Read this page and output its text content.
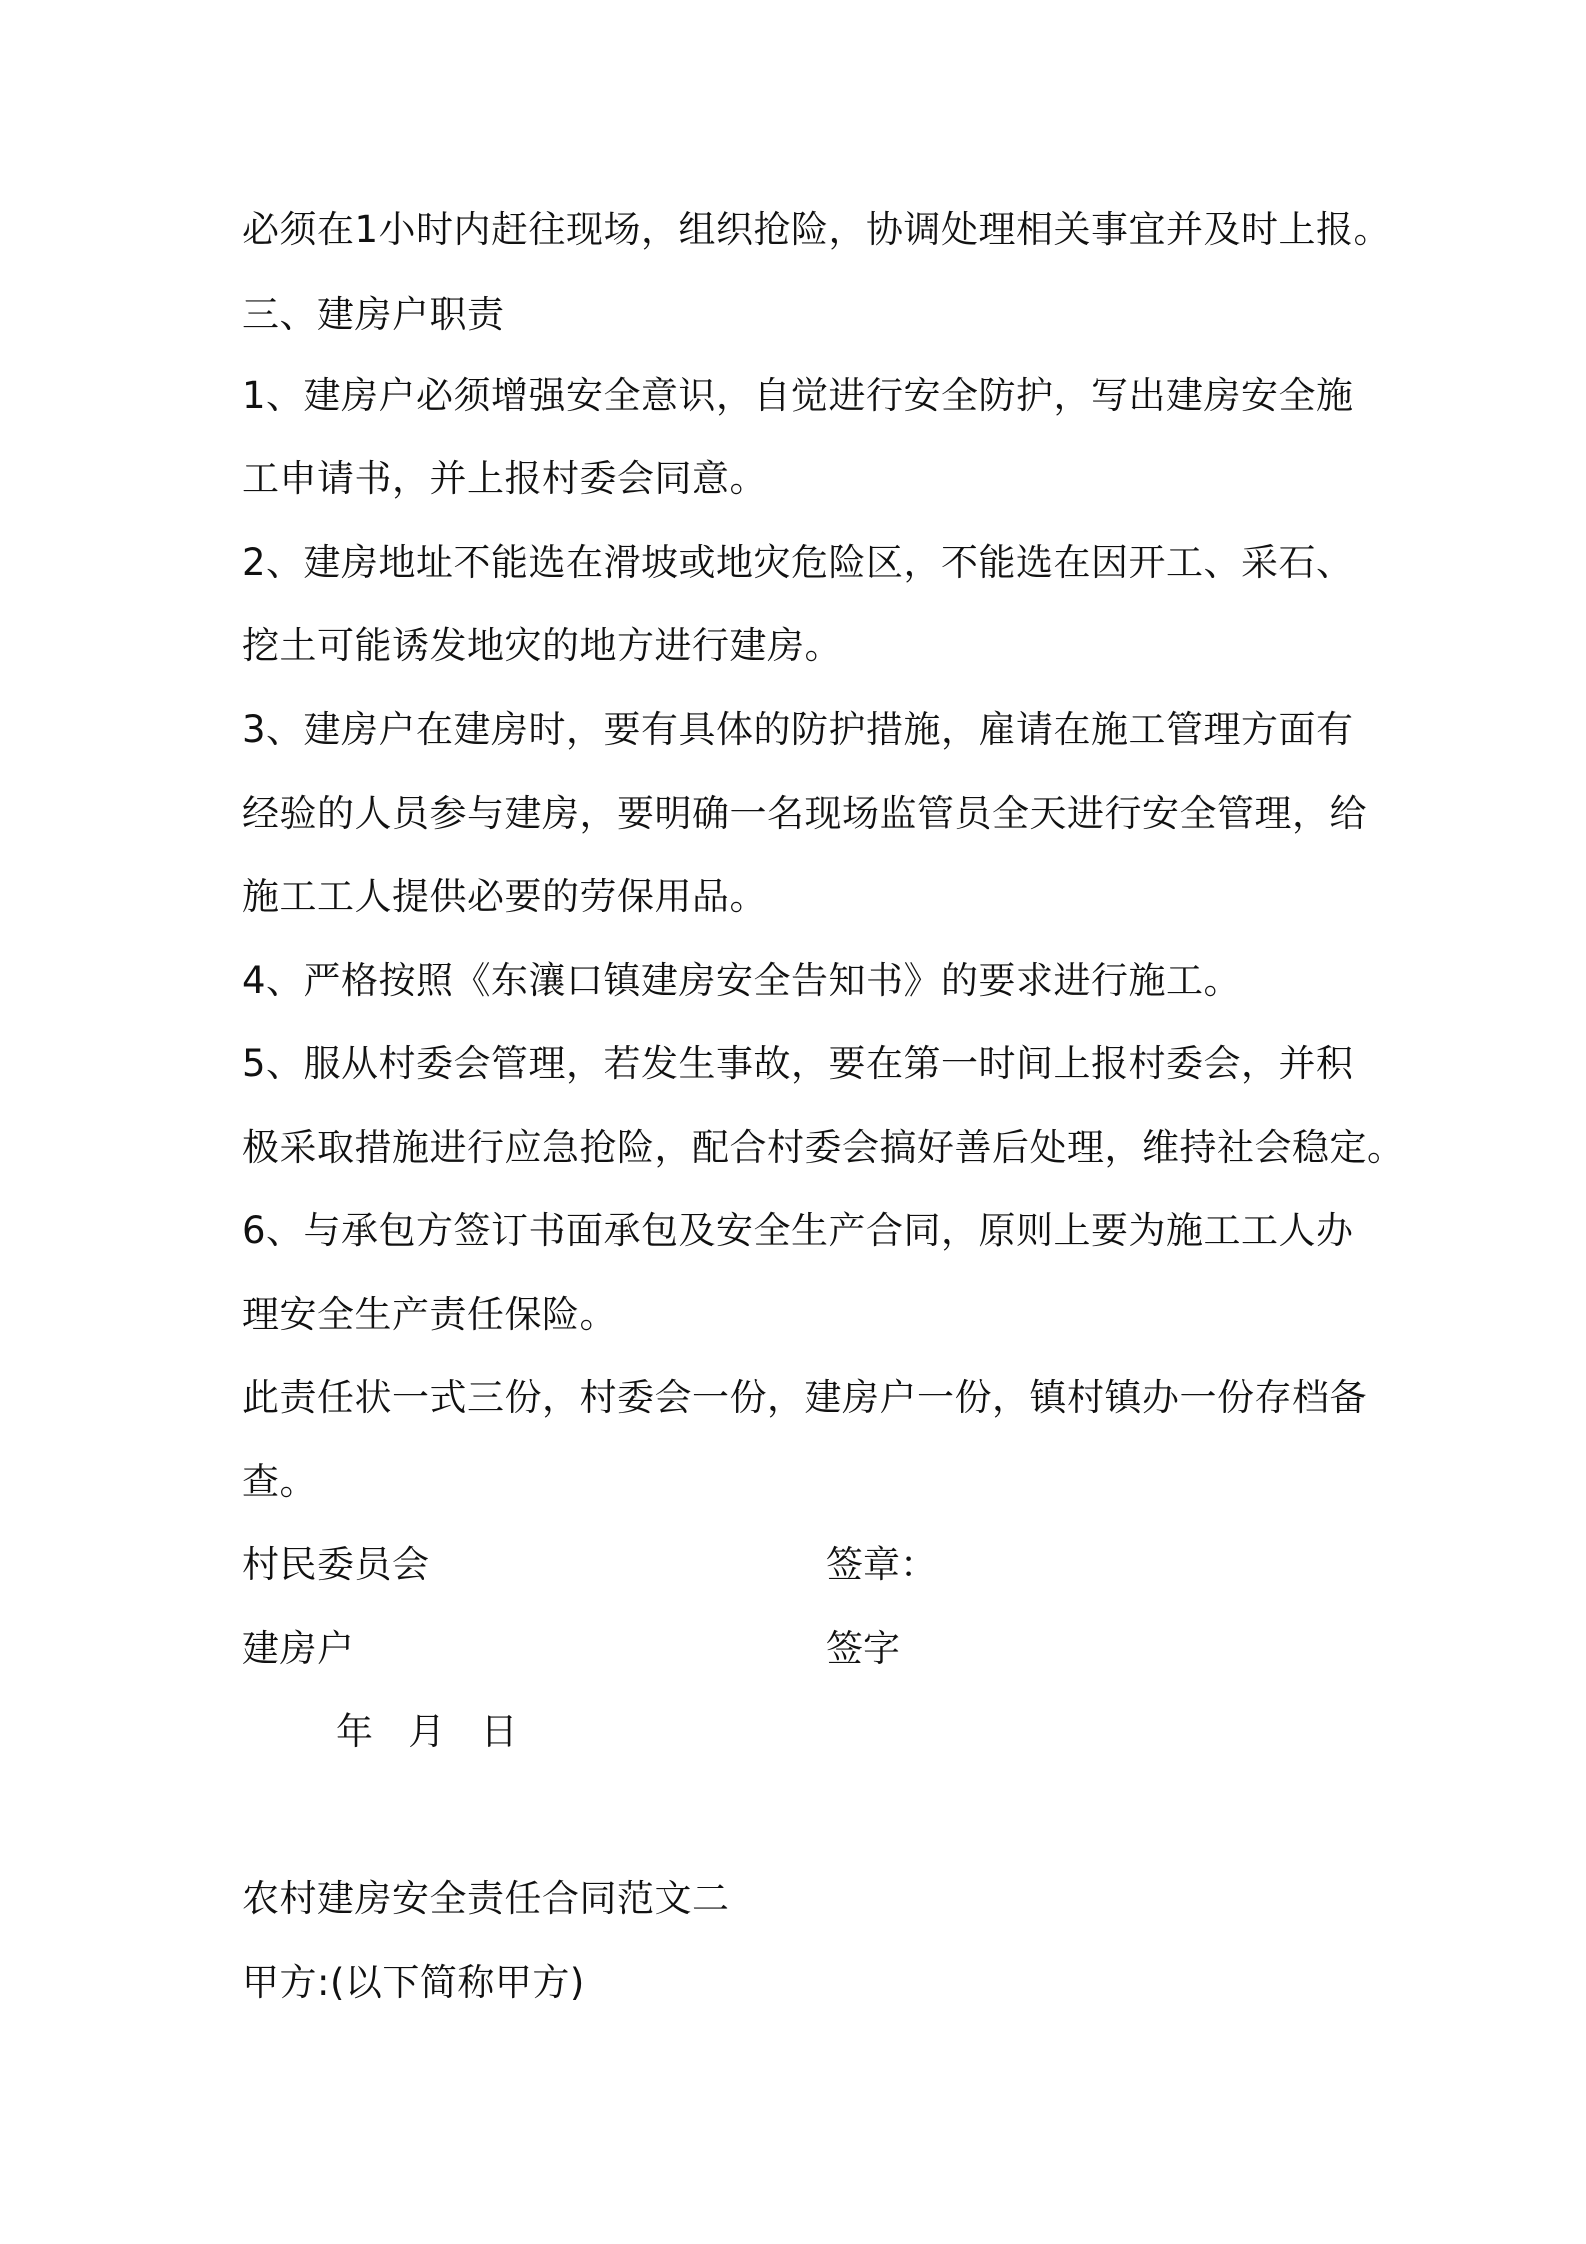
必须在1小时内赶往现场，组织抢险，协调处理相关事宜并及时上报。
三、建房户职责
1、建房户必须增强安全意识，自觉进行安全防护，写出建房安全施
工申请书，并上报村委会同意。
2、建房地址不能选在滑坡或地灾危险区，不能选在因开工、采石、
挖土可能诱发地灾的地方进行建房。
3、建房户在建房时，要有具体的防护措施，雇请在施工管理方面有
经验的人员参与建房，要明确一名现场监管员全天进行安全管理，给
施工工人提供必要的劳保用品。
4、严格按照《东瀼口镇建房安全告知书》的要求进行施工。
5、服从村委会管理，若发生事故，要在第一时间上报村委会，并积
极采取措施进行应急抢险，配合村委会搞好善后处理，维持社会稳定。
6、与承包方签订书面承包及安全生产合同，原则上要为施工工人办
理安全生产责任保险。
此责任状一式三份，村委会一份，建房户一份，镇村镇办一份存档备
查。
村民委员会	签章：
建房户	签字
年   月   日
农村建房安全责任合同范文二
甲方:(以下简称甲方)
